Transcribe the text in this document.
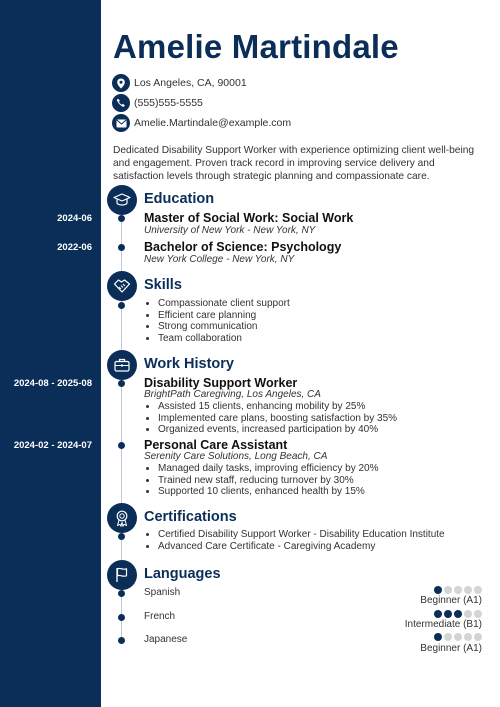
Amelie Martindale
Los Angeles, CA, 90001
(555)555-5555
Amelie.Martindale@example.com
Dedicated Disability Support Worker with experience optimizing client well-being and engagement. Proven track record in improving service delivery and satisfaction levels through strategic planning and compassionate care.
Education
2024-06	Master of Social Work: Social Work
University of New York - New York, NY
2022-06	Bachelor of Science: Psychology
New York College - New York, NY
Skills
• Compassionate client support
• Efficient care planning
• Strong communication
• Team collaboration
Work History
2024-08 - 2025-08	Disability Support Worker
BrightPath Caregiving, Los Angeles, CA
• Assisted 15 clients, enhancing mobility by 25%
• Implemented care plans, boosting satisfaction by 35%
• Organized events, increased participation by 40%
2024-02 - 2024-07	Personal Care Assistant
Serenity Care Solutions, Long Beach, CA
• Managed daily tasks, improving efficiency by 20%
• Trained new staff, reducing turnover by 30%
• Supported 10 clients, enhanced health by 15%
Certifications
• Certified Disability Support Worker - Disability Education Institute
• Advanced Care Certificate - Caregiving Academy
Languages
Spanish
Beginner (A1)
French
Intermediate (B1)
Japanese
Beginner (A1)
